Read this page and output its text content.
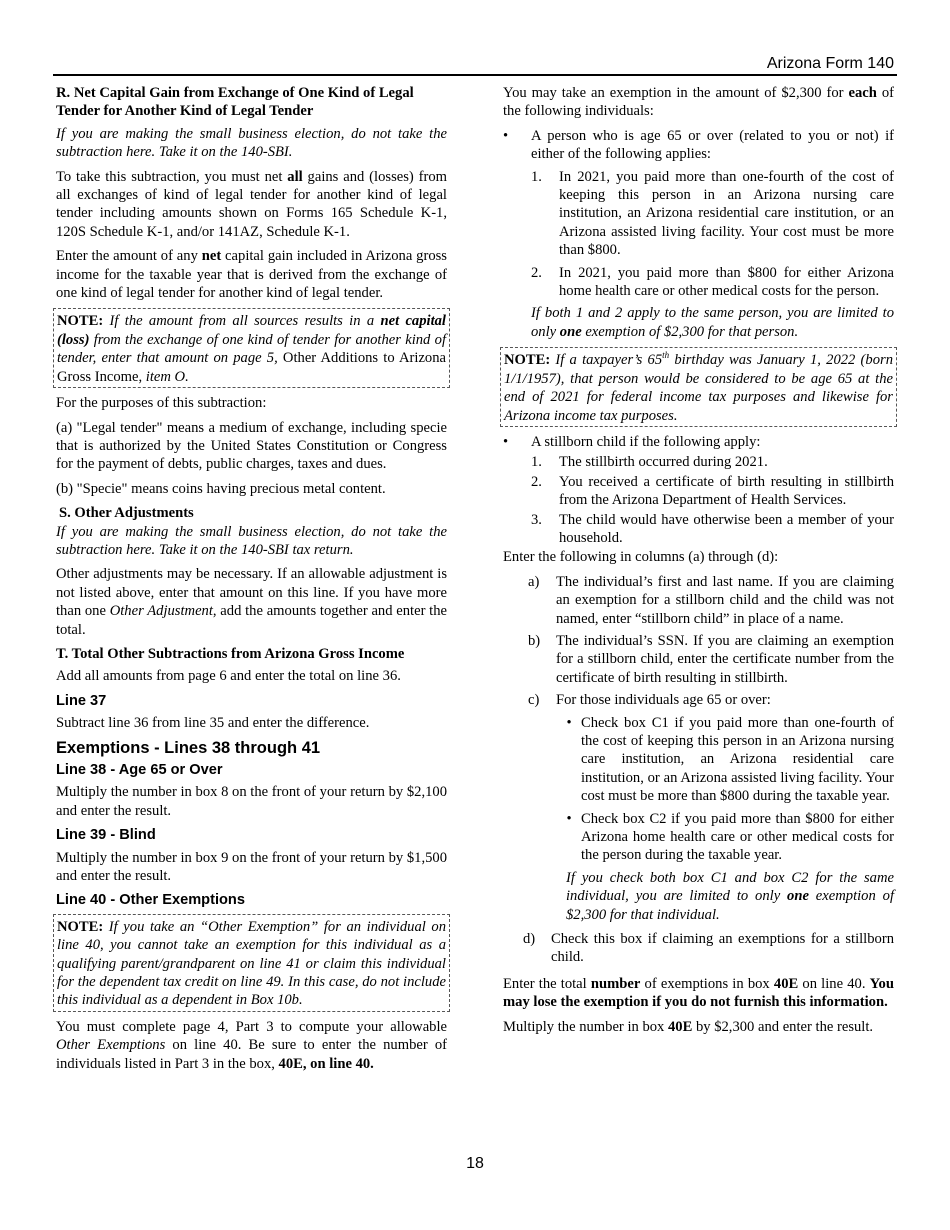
Arizona Form 140

R. Net Capital Gain from Exchange of One Kind of Legal Tender for Another Kind of Legal Tender

If you are making the small business election, do not take the subtraction here. Take it on the 140-SBI.

To take this subtraction, you must net all gains and (losses) from all exchanges of kind of legal tender for another kind of legal tender including amounts shown on Forms 165 Schedule K-1, 120S Schedule K-1, and/or 141AZ, Schedule K-1.

Enter the amount of any net capital gain included in Arizona gross income for the taxable year that is derived from the exchange of one kind of legal tender for another kind of legal tender.

NOTE: If the amount from all sources results in a net capital (loss) from the exchange of one kind of tender for another kind of tender, enter that amount on page 5, Other Additions to Arizona Gross Income, item O.

For the purposes of this subtraction:

(a) "Legal tender" means a medium of exchange, including specie that is authorized by the United States Constitution or Congress for the payment of debts, public charges, taxes and dues.

(b) "Specie" means coins having precious metal content.

S. Other Adjustments

If you are making the small business election, do not take the subtraction here. Take it on the 140-SBI tax return.

Other adjustments may be necessary. If an allowable adjustment is not listed above, enter that amount on this line. If you have more than one Other Adjustment, add the amounts together and enter the total.

T. Total Other Subtractions from Arizona Gross Income

Add all amounts from page 6 and enter the total on line 36.

Line 37

Subtract line 36 from line 35 and enter the difference.

Exemptions - Lines 38 through 41
Line 38 - Age 65 or Over

Multiply the number in box 8 on the front of your return by $2,100 and enter the result.

Line 39 - Blind

Multiply the number in box 9 on the front of your return by $1,500 and enter the result.

Line 40 - Other Exemptions
NOTE: If you take an “Other Exemption” for an individual on line 40, you cannot take an exemption for this individual as a qualifying parent/grandparent on line 41 or claim this individual for the dependent tax credit on line 49. In this case, do not include this individual as a dependent in Box 10b.

You must complete page 4, Part 3 to compute your allowable Other Exemptions on line 40. Be sure to enter the number of individuals listed in Part 3 in the box, 40E, on line 40.

You may take an exemption in the amount of $2,300 for each of the following individuals:

•	A person who is age 65 or over (related to you or not) if either of the following applies:
1.	In 2021, you paid more than one-fourth of the cost of keeping this person in an Arizona nursing care institution, an Arizona residential care institution, or an Arizona assisted living facility. Your cost must be more than $800.
2.	In 2021, you paid more than $800 for either Arizona home health care or other medical costs for the person.

If both 1 and 2 apply to the same person, you are limited to only one exemption of $2,300 for that person.

NOTE: If a taxpayer’s 65th birthday was January 1, 2022 (born 1/1/1957), that person would be considered to be age 65 at the end of 2021 for federal income tax purposes and likewise for Arizona income tax purposes.
•	A stillborn child if the following apply:
1.	The stillbirth occurred during 2021.
2.	You received a certificate of birth resulting in stillbirth from the Arizona Department of Health Services.
3.	The child would have otherwise been a member of your household.

Enter the following in columns (a) through (d):

a)	The individual’s first and last name. If you are claiming an exemption for a stillborn child and the child was not named, enter “stillborn child” in place of a name.
b)	The individual’s SSN. If you are claiming an exemption for a stillborn child, enter the certificate number from the certificate of birth resulting in stillbirth.
c)	For those individuals age 65 or over:
• Check box C1 if you paid more than one-fourth of the cost of keeping this person in an Arizona nursing care institution, an Arizona residential care institution, or an Arizona assisted living facility. Your cost must be more than $800 during the taxable year.
• Check box C2 if you paid more than $800 for either Arizona home health care or other medical costs for the person during the taxable year.

If you check both box C1 and box C2 for the same individual, you are limited to only one exemption of $2,300 for that individual.

d)	Check this box if claiming an exemptions for a stillborn child.

Enter the total number of exemptions in box 40E on line 40. You may lose the exemption if you do not furnish this information.

Multiply the number in box 40E by $2,300 and enter the result.

18
